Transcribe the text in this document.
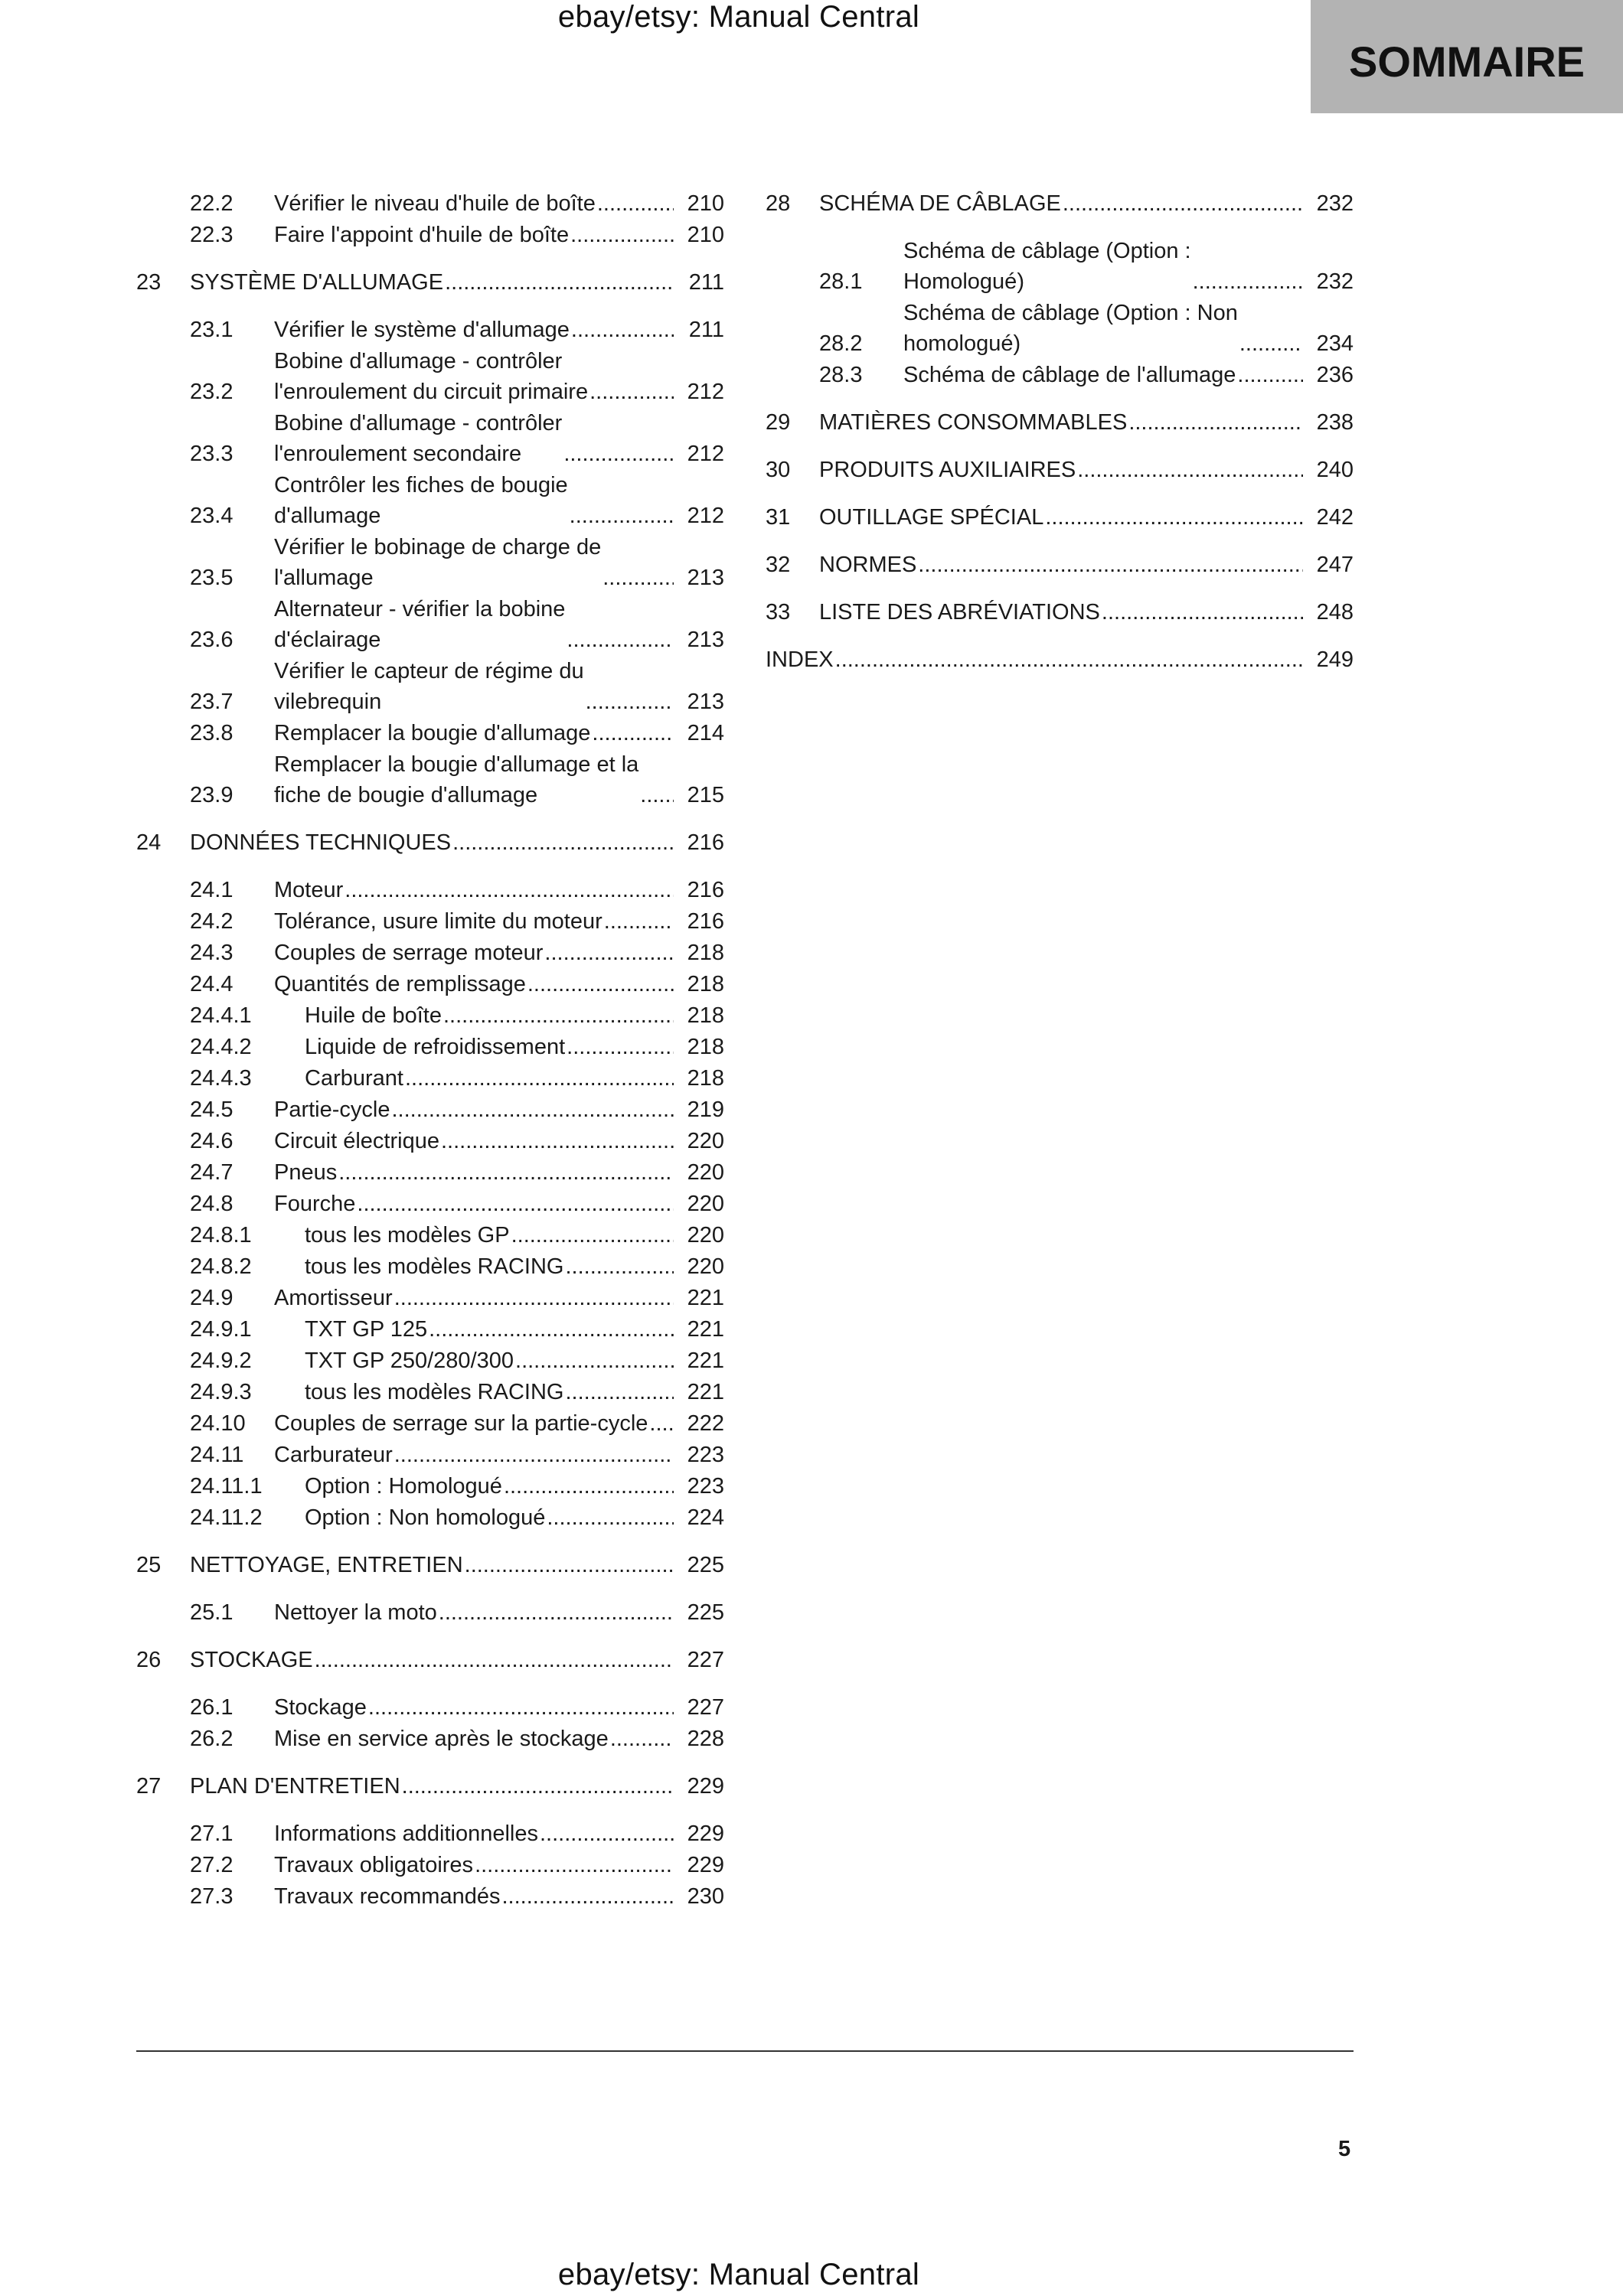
ebay/etsy: Manual Central
SOMMAIRE
22.2 Vérifier le niveau d'huile de boîte .....	210
22.3 Faire l'appoint d'huile de boîte .....	210
23 SYSTÈME D'ALLUMAGE .....	211
23.1 Vérifier le système d'allumage .....	211
23.2
Bobine d'allumage - contrôler
l'enroulement du circuit primaire .....	212
23.3
Bobine d'allumage - contrôler
l'enroulement secondaire .....	212
23.4
Contrôler les fiches de bougie
d'allumage .....	212
23.5
Vérifier le bobinage de charge de
l'allumage .....	213
23.6
Alternateur - vérifier la bobine
d'éclairage .....	213
23.7
Vérifier le capteur de régime du
vilebrequin .....	213
23.8 Remplacer la bougie d'allumage .....	214
23.9
Remplacer la bougie d'allumage et la
fiche de bougie d'allumage .....	215
24 DONNÉES TECHNIQUES .....	216
24.1 Moteur .....	216
24.2 Tolérance, usure limite du moteur .....	216
24.3 Couples de serrage moteur .....	218
24.4 Quantités de remplissage .....	218
24.4.1 Huile de boîte .....	218
24.4.2 Liquide de refroidissement .....	218
24.4.3 Carburant .....	218
24.5 Partie-cycle .....	219
24.6 Circuit électrique .....	220
24.7 Pneus .....	220
24.8 Fourche .....	220
24.8.1 tous les modèles GP .....	220
24.8.2 tous les modèles RACING .....	220
24.9 Amortisseur .....	221
24.9.1 TXT GP 125 .....	221
24.9.2 TXT GP 250/280/300 .....	221
24.9.3 tous les modèles RACING .....	221
24.10 Couples de serrage sur la partie-cycle ..... 222
24.11 Carburateur .....	223
24.11.1 Option : Homologué .....	223
24.11.2 Option : Non homologué .....	224
25 NETTOYAGE, ENTRETIEN .....	225
25.1 Nettoyer la moto .....	225
26 STOCKAGE .....	227
26.1 Stockage .....	227
26.2 Mise en service après le stockage .....	228
27 PLAN D'ENTRETIEN .....	229
27.1 Informations additionnelles .....	229
27.2 Travaux obligatoires .....	229
27.3 Travaux recommandés .....	230
28 SCHÉMA DE CÂBLAGE .....	232
28.1
Schéma de câblage (Option :
Homologué) .....	232
28.2
Schéma de câblage (Option : Non
homologué) .....	234
28.3 Schéma de câblage de l'allumage .....	236
29 MATIÈRES CONSOMMABLES .....	238
30 PRODUITS AUXILIAIRES .....	240
31 OUTILLAGE SPÉCIAL .....	242
32 NORMES .....	247
33 LISTE DES ABRÉVIATIONS .....	248
INDEX .....	249
5
ebay/etsy: Manual Central
